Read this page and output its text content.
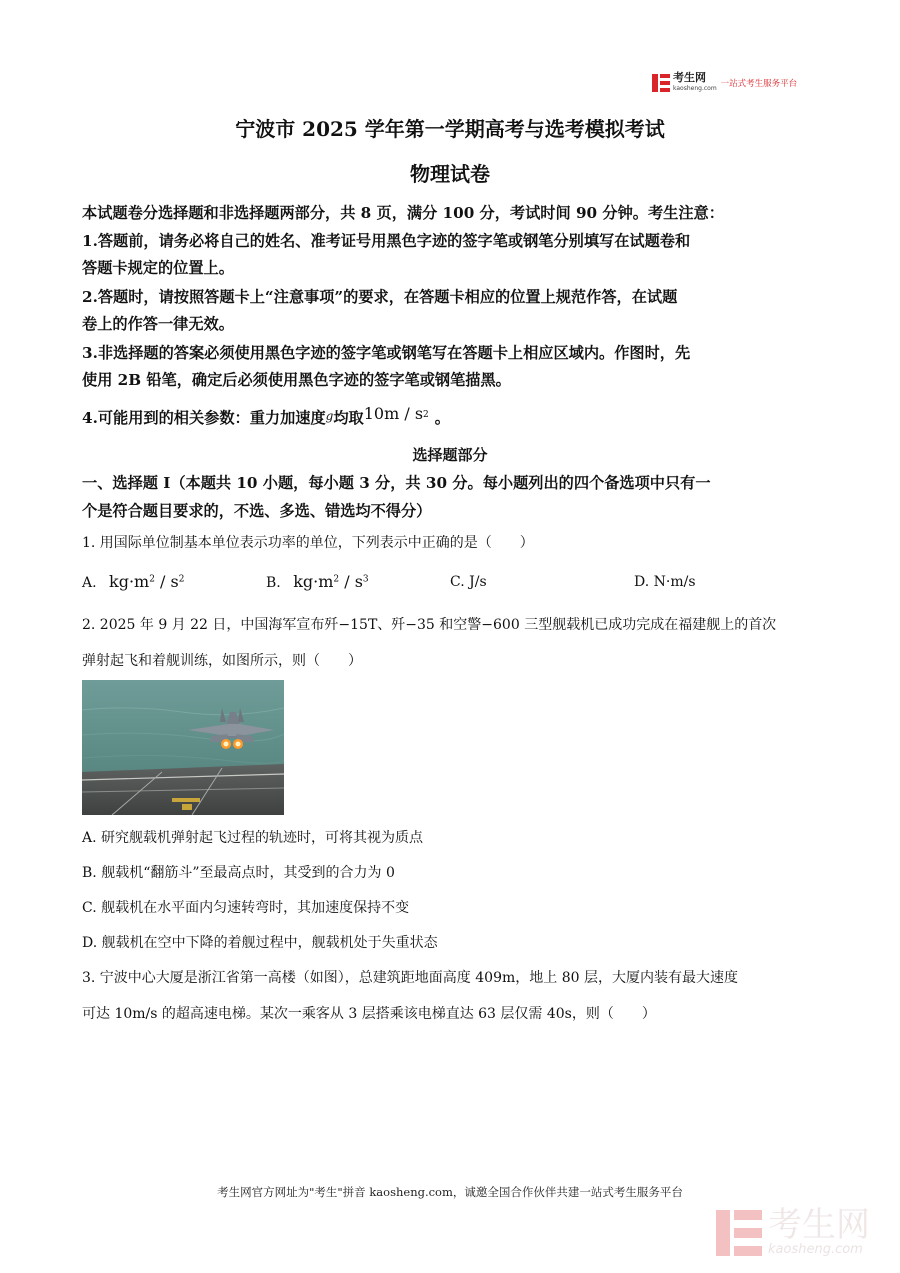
考生网
kaosheng.com 一站式考生服务平台
宁波市 2025 学年第一学期高考与选考模拟考试
物理试卷
本试题卷分选择题和非选择题两部分，共 8 页，满分 100 分，考试时间 90 分钟。考生注意：
1.答题前，请务必将自己的姓名、准考证号用黑色字迹的签字笔或钢笔分别填写在试题卷和
答题卡规定的位置上。
2.答题时，请按照答题卡上“注意事项”的要求，在答题卡相应的位置上规范作答，在试题
卷上的作答一律无效。
3.非选择题的答案必须使用黑色字迹的签字笔或钢笔写在答题卡上相应区域内。作图时，先
使用 2B 铅笔，确定后必须使用黑色字迹的签字笔或钢笔描黑。
4.可能用到的相关参数：重力加速度g均取$10m / s^2$ 。
选择题部分
一、选择题 I（本题共 10 小题，每小题 3 分，共 30 分。每小题列出的四个备选项中只有一
个是符合题目要求的，不选、多选、错选均不得分）
1. 用国际单位制基本单位表示功率的单位，下列表示中正确的是（　　）
A. $kg\cdot m^2 / s^2$	B. $kg\cdot m^2 / s^3$	C. J/s	D. N·m/s
2. 2025 年 9 月 22 日，中国海军宣布歼−15T、歼−35 和空警−600 三型舰载机已成功完成在福建舰上的首次
弹射起飞和着舰训练，如图所示，则（　　）
A. 研究舰载机弹射起飞过程的轨迹时，可将其视为质点
B. 舰载机“翻筋斗”至最高点时，其受到的合力为 0
C. 舰载机在水平面内匀速转弯时，其加速度保持不变
D. 舰载机在空中下降的着舰过程中，舰载机处于失重状态
3. 宁波中心大厦是浙江省第一高楼（如图），总建筑距地面高度 409m，地上 80 层，大厦内装有最大速度
可达 10m/s 的超高速电梯。某次一乘客从 3 层搭乘该电梯直达 63 层仅需 40s，则（　　）
考生网官方网址为"考生"拼音 kaosheng.com，诚邀全国合作伙伴共建一站式考生服务平台
考生网
kaosheng.com
